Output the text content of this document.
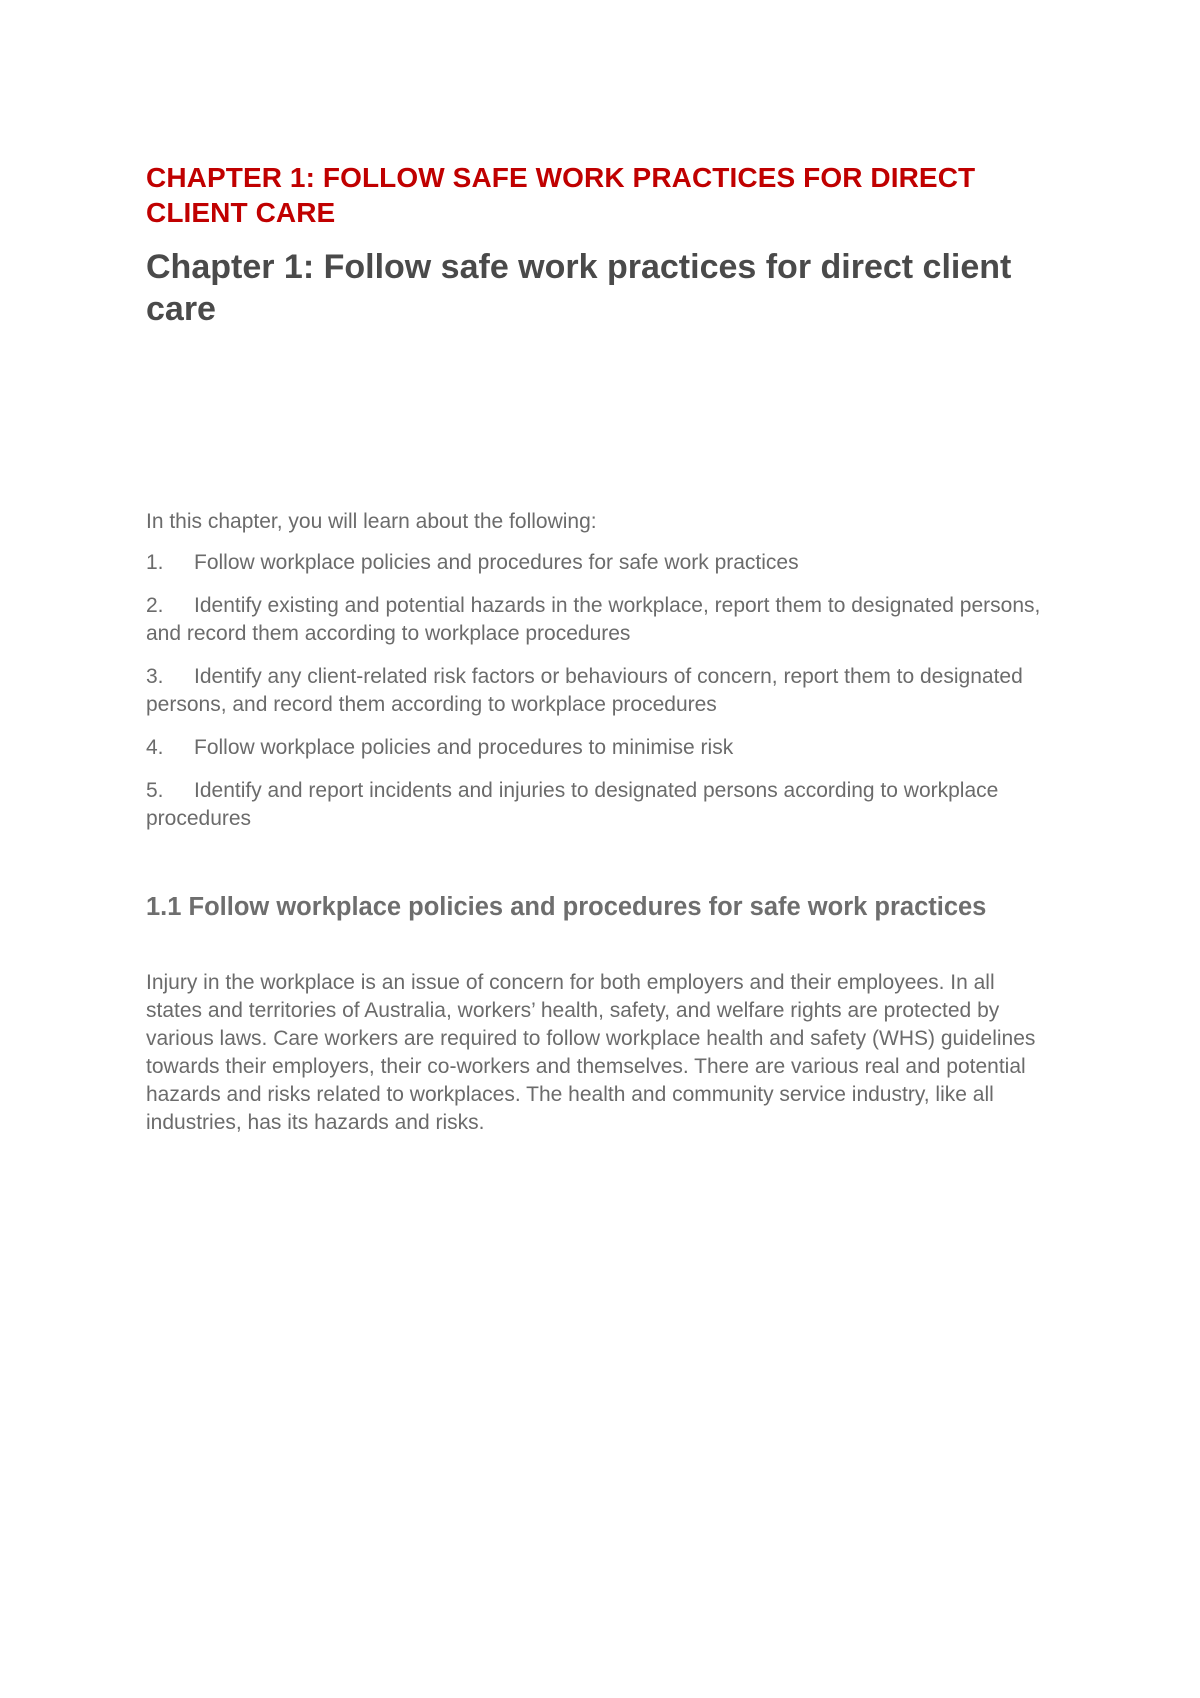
CHAPTER 1: FOLLOW SAFE WORK PRACTICES FOR DIRECT CLIENT CARE
Chapter 1: Follow safe work practices for direct client care

In this chapter, you will learn about the following:

1. Follow workplace policies and procedures for safe work practices
2. Identify existing and potential hazards in the workplace, report them to designated persons, and record them according to workplace procedures
3. Identify any client-related risk factors or behaviours of concern, report them to designated persons, and record them according to workplace procedures
4. Follow workplace policies and procedures to minimise risk
5. Identify and report incidents and injuries to designated persons according to workplace procedures
1.1 Follow workplace policies and procedures for safe work practices

Injury in the workplace is an issue of concern for both employers and their employees. In all states and territories of Australia, workers’ health, safety, and welfare rights are protected by various laws. Care workers are required to follow workplace health and safety (WHS) guidelines towards their employers, their co-workers and themselves. There are various real and potential hazards and risks related to workplaces. The health and community service industry, like all industries, has its hazards and risks.
